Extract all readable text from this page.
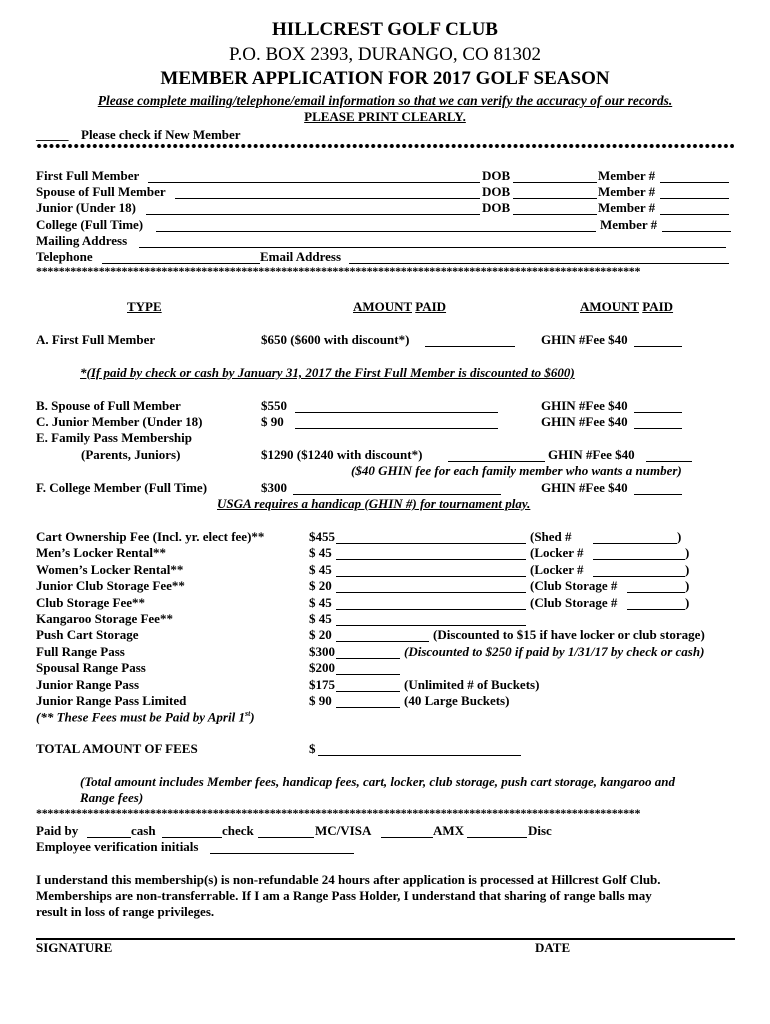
HILLCREST GOLF CLUB
P.O. BOX 2393, DURANGO, CO 81302
MEMBER APPLICATION FOR 2017 GOLF SEASON
Please complete mailing/telephone/email information so that we can verify the accuracy of our records.
PLEASE PRINT CLEARLY.
_____ Please check if New Member
First Full Member	DOB	Member #
Spouse of Full Member	DOB	Member #
Junior (Under 18)	DOB	Member #
College (Full Time)	Member #
Mailing Address
Telephone	Email Address
**********************************************************************************************************
TYPE	AMOUNT PAID	AMOUNT PAID
A. First Full Member	$650 ($600 with discount*)	GHIN #Fee $40
*(If paid by check or cash by January 31, 2017 the First Full Member is discounted to $600)
B. Spouse of Full Member	$550	GHIN #Fee $40
C. Junior Member (Under 18)	$ 90	GHIN #Fee $40
E. Family Pass Membership
(Parents, Juniors)	$1290 ($1240 with discount*)	GHIN #Fee $40
($40 GHIN fee for each family member who wants a number)
F. College Member (Full Time)	$300	GHIN #Fee $40
USGA requires a handicap (GHIN #) for tournament play.
Cart Ownership Fee (Incl. yr. elect fee)**	$455	(Shed #	)
Men’s Locker Rental**	$ 45	(Locker #	)
Women’s Locker Rental**	$ 45	(Locker #	)
Junior Club Storage Fee**	$ 20	(Club Storage #	)
Club Storage Fee**	$ 45	(Club Storage #	)
Kangaroo Storage Fee**	$ 45
Push Cart Storage	$ 20	(Discounted to $15 if have locker or club storage)
Full Range Pass	$300	(Discounted to $250 if paid by 1/31/17 by check or cash)
Spousal Range Pass	$200
Junior Range Pass	$175	(Unlimited # of Buckets)
Junior Range Pass Limited	$ 90	(40 Large Buckets)
(** These Fees must be Paid by April 1st)
TOTAL AMOUNT OF FEES	$
(Total amount includes Member fees, handicap fees, cart, locker, club storage, push cart storage, kangaroo and
Range fees)
**********************************************************************************************************
Paid by	cash	check	MC/VISA	AMX	Disc
Employee verification initials
I understand this membership(s) is non-refundable 24 hours after application is processed at Hillcrest Golf Club.
Memberships are non-transferrable. If I am a Range Pass Holder, I understand that sharing of range balls may
result in loss of range privileges.
SIGNATURE	DATE
